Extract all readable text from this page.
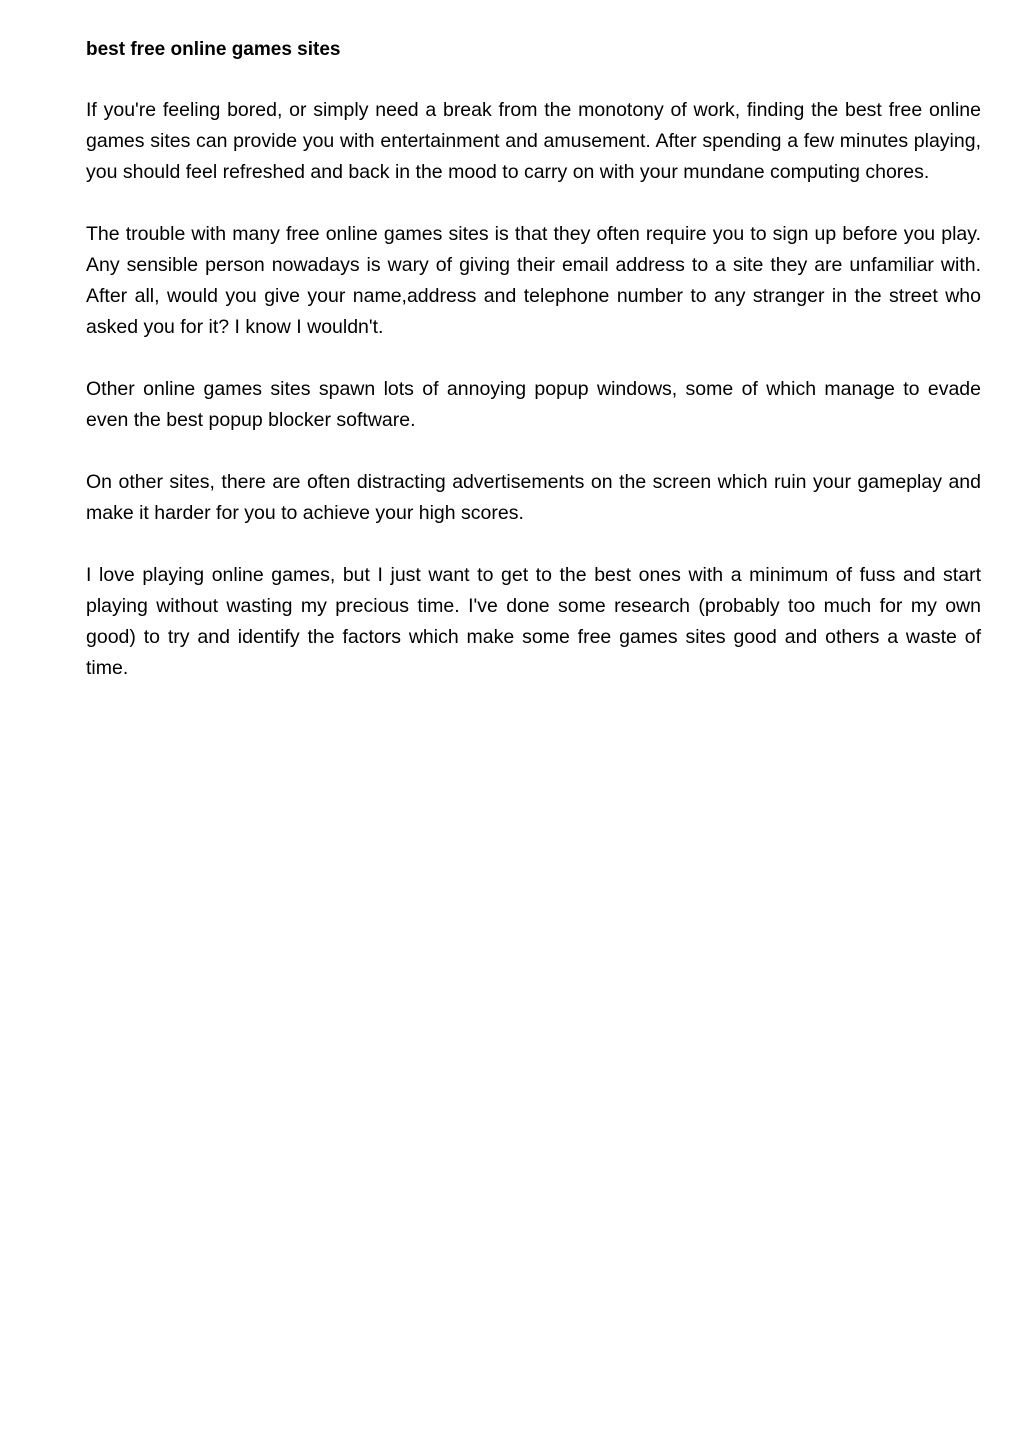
best free online games sites

If you're feeling bored, or simply need a break from the monotony of work, finding the best free online games sites can provide you with entertainment and amusement. After spending a few minutes playing, you should feel refreshed and back in the mood to carry on with your mundane computing chores.

The trouble with many free online games sites is that they often require you to sign up before you play. Any sensible person nowadays is wary of giving their email address to a site they are unfamiliar with. After all, would you give your name,address and telephone number to any stranger in the street who asked you for it? I know I wouldn't.

Other online games sites spawn lots of annoying popup windows, some of which manage to evade even the best popup blocker software.

On other sites, there are often distracting advertisements on the screen which ruin your gameplay and make it harder for you to achieve your high scores.

I love playing online games, but I just want to get to the best ones with a minimum of fuss and start playing without wasting my precious time. I've done some research (probably too much for my own good) to try and identify the factors which make some free games sites good and others a waste of time.
